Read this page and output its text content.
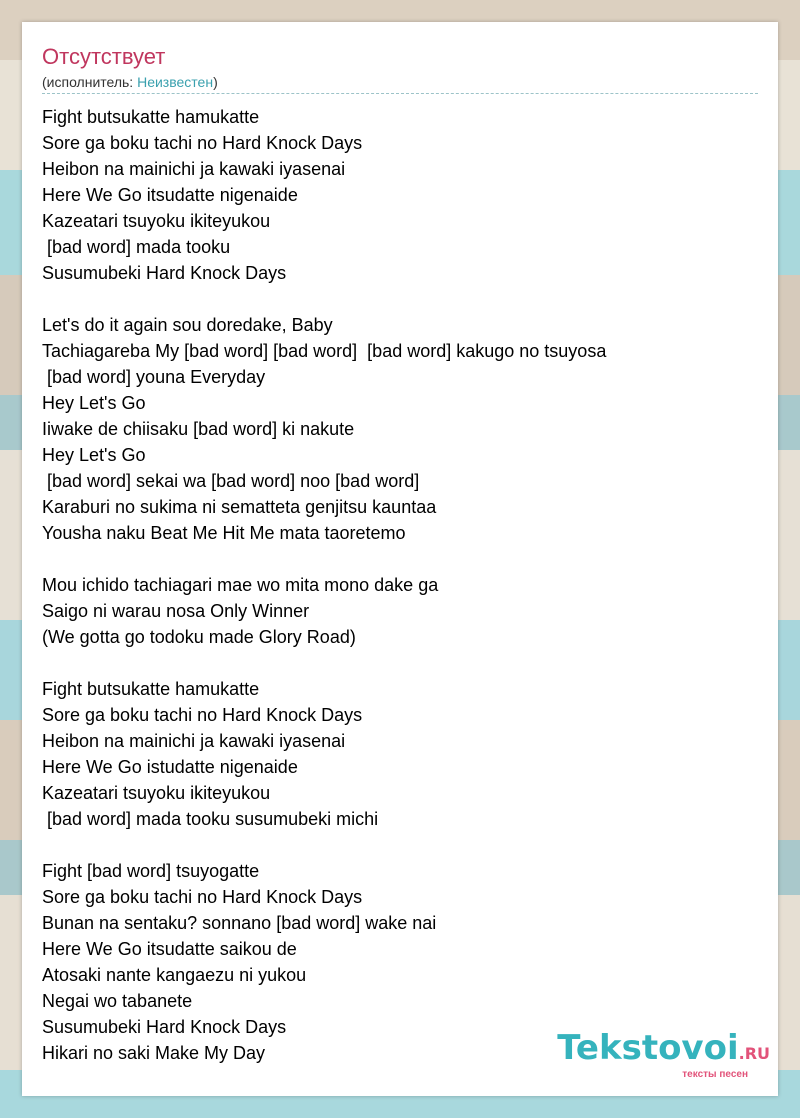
Отсутствует
(исполнитель: Неизвестен)
Fight butsukatte hamukatte
Sore ga boku tachi no Hard Knock Days
Heibon na mainichi ja kawaki iyasenai
Here We Go itsudatte nigenaide
Kazeatari tsuyoku ikiteyukou
[bad word] mada tooku
Susumubeki Hard Knock Days
Let's do it again sou doredake, Baby
Tachiagareba My [bad word] [bad word]  [bad word] kakugo no tsuyosa
[bad word] youna Everyday
Hey Let's Go
Iiwake de chiisaku [bad word] ki nakute
Hey Let's Go
[bad word] sekai wa [bad word] noo [bad word]
Karaburi no sukima ni sematteta genjitsu kauntaa
Yousha naku Beat Me Hit Me mata taoretemo
Mou ichido tachiagari mae wo mita mono dake ga
Saigo ni warau nosa Only Winner
(We gotta go todoku made Glory Road)
Fight butsukatte hamukatte
Sore ga boku tachi no Hard Knock Days
Heibon na mainichi ja kawaki iyasenai
Here We Go istudatte nigenaide
Kazeatari tsuyoku ikiteyukou
[bad word] mada tooku susumubeki michi
Fight [bad word] tsuyogatte
Sore ga boku tachi no Hard Knock Days
Bunan na sentaku? sonnano [bad word] wake nai
Here We Go itsudatte saikou de
Atosaki nante kangaezu ni yukou
Negai wo tabanete
Susumubeki Hard Knock Days
Hikari no saki Make My Day	Tekstovoi.RU
тексты песен
